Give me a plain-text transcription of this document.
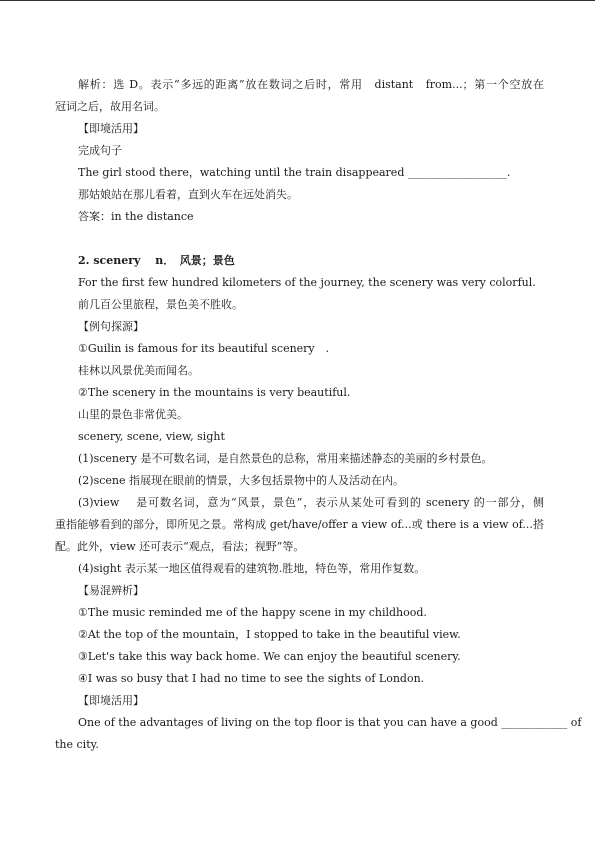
解析：选 D。表示“多远的距离”放在数词之后时，常用　distant　from...；第一个空放在
冠词之后，故用名词。
【即境活用】
完成句子
The girl stood there，watching until the train disappeared __________________.
那姑娘站在那儿看着，直到火车在远处消失。
答案：in the distance
2. scenery　 n．　风景；景色
For the first few hundred kilometers of the journey, the scenery was very colorful.
前几百公里旅程，景色美不胜收。
【例句探源】
①Guilin is famous for its beautiful scenery　.
桂林以风景优美而闻名。
②The scenery in the mountains is very beautiful.
山里的景色非常优美。
scenery, scene, view, sight
(1)scenery 是不可数名词，是自然景色的总称，常用来描述静态的美丽的乡村景色。
(2)scene 指展现在眼前的情景，大多包括景物中的人及活动在内。
(3)view　 是可数名词，意为“风景，景色”，表示从某处可看到的 scenery 的一部分，侧
重指能够看到的部分，即所见之景。常构成 get/have/offer a view of...或 there is a view of...搭
配。此外，view 还可表示“观点，看法；视野”等。
(4)sight 表示某一地区值得观看的建筑物.胜地，特色等，常用作复数。
【易混辨析】
①The music reminded me of the happy scene in my childhood.
②At the top of the mountain，I stopped to take in the beautiful view.
③Let's take this way back home. We can enjoy the beautiful scenery.
④I was so busy that I had no time to see the sights of London.
【即境活用】
One of the advantages of living on the top floor is that you can have a good ____________ of
the city.
